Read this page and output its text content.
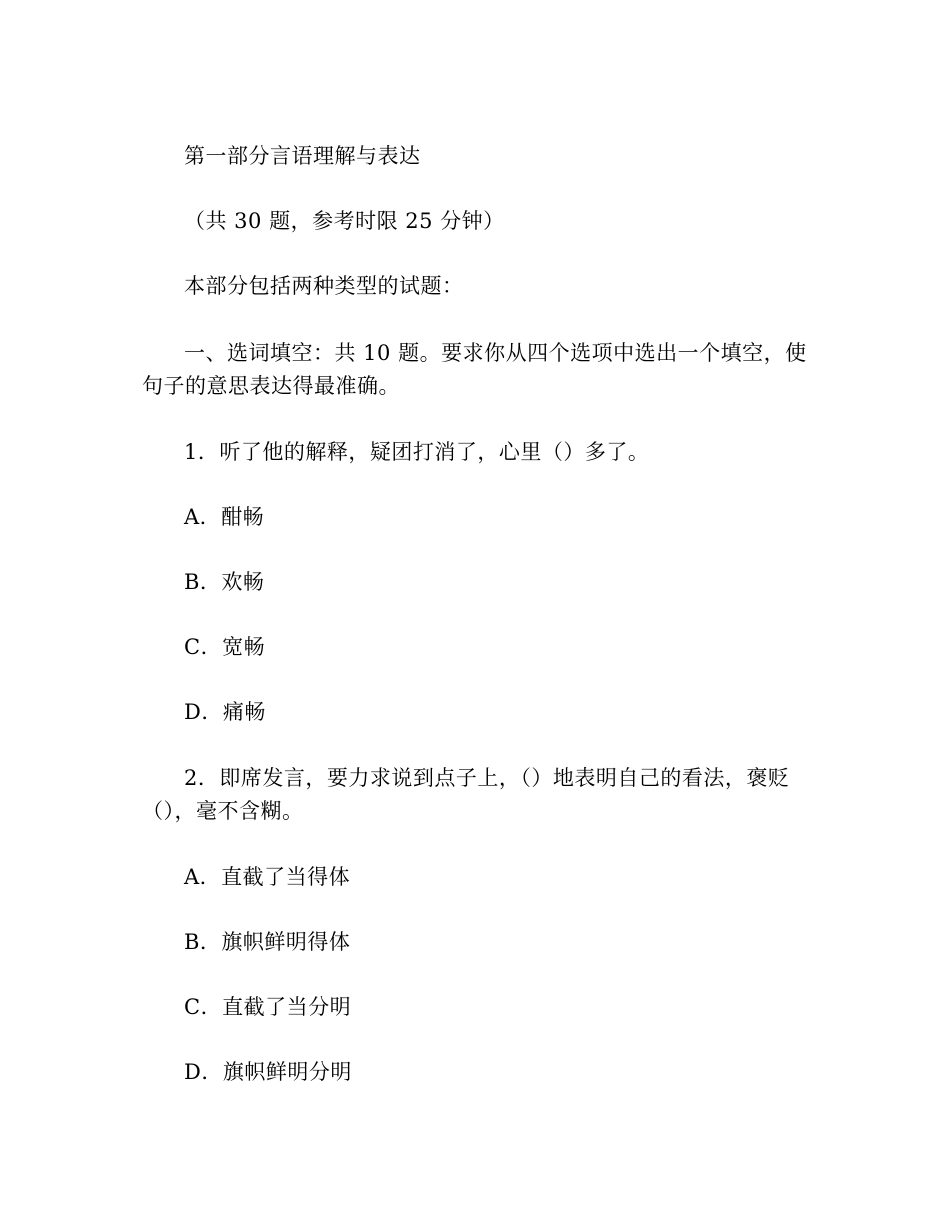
第一部分言语理解与表达
（共 30 题，参考时限 25 分钟）
本部分包括两种类型的试题：
一、选词填空：共 10 题。要求你从四个选项中选出一个填空，使句子的意思表达得最准确。
1．听了他的解释，疑团打消了，心里（）多了。
A．酣畅
B．欢畅
C．宽畅
D．痛畅
2．即席发言，要力求说到点子上，（）地表明自己的看法，褒贬（），毫不含糊。
A．直截了当得体
B．旗帜鲜明得体
C．直截了当分明
D．旗帜鲜明分明
